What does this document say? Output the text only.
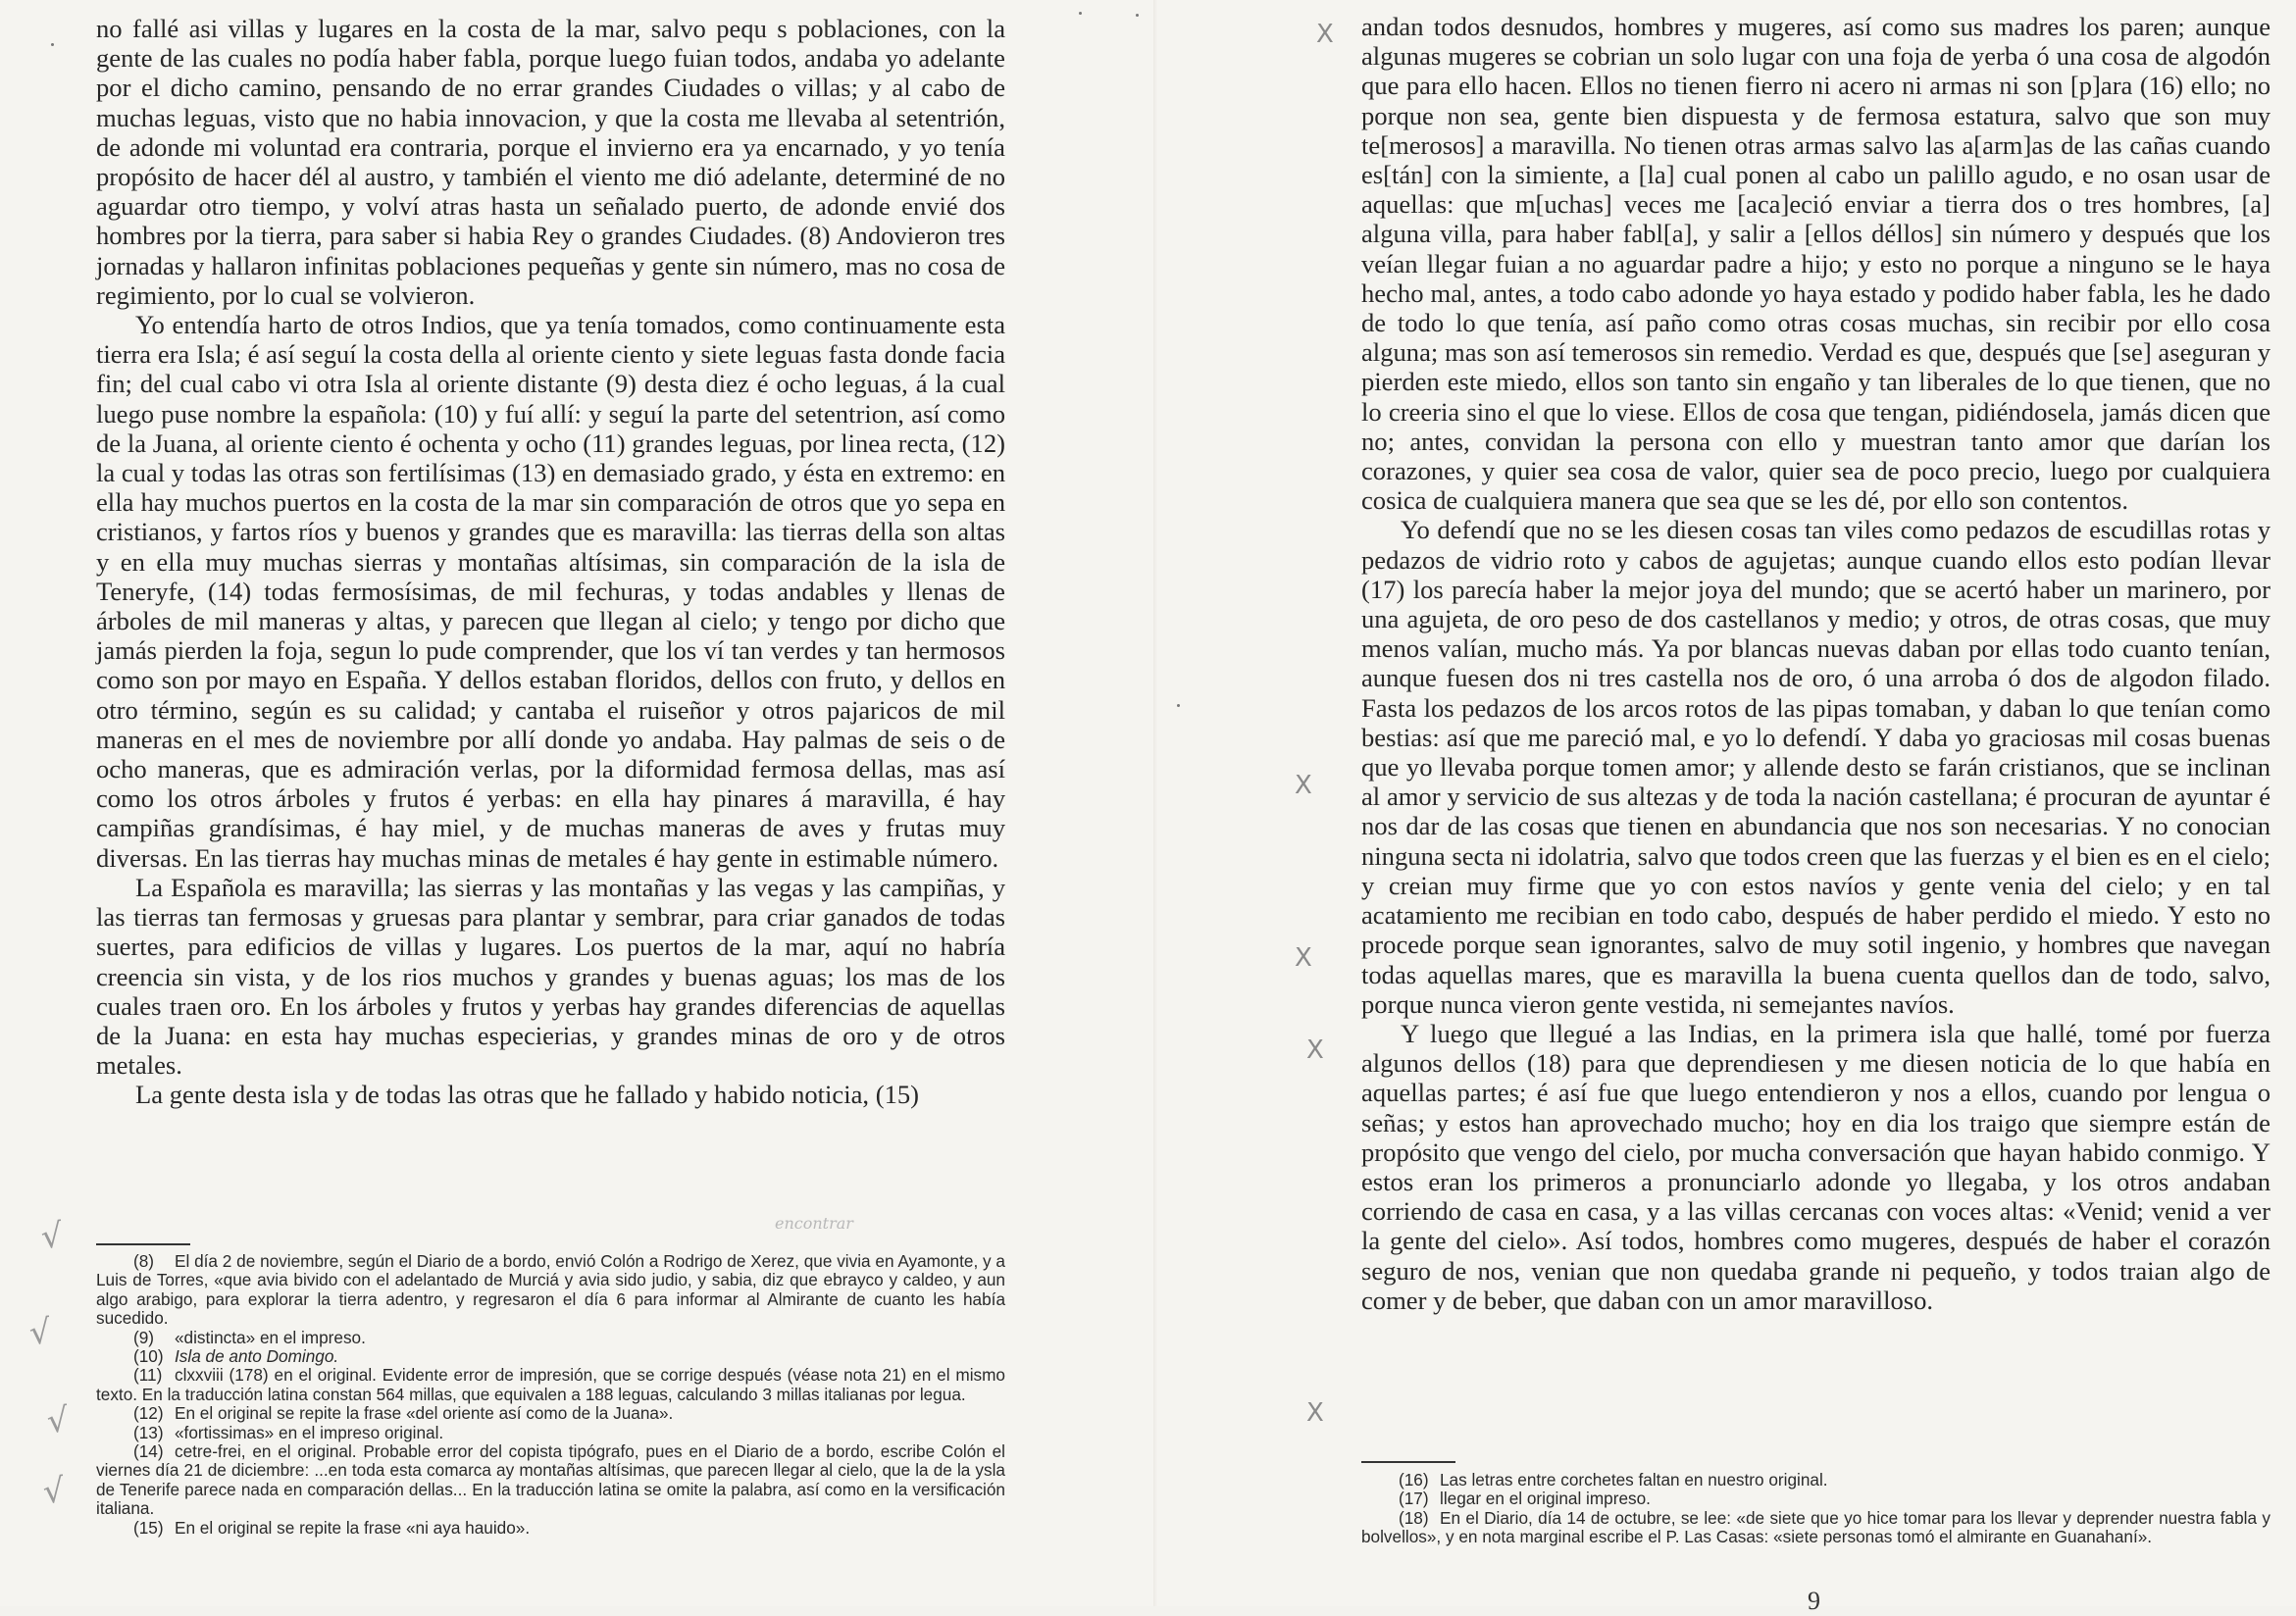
no fallé asi villas y lugares en la costa de la mar, salvo pequ s poblaciones, con la gente de las cuales no podía haber fabla, porque luego fuian todos, andaba yo adelante por el dicho camino, pensando de no errar grandes Ciudades o villas; y al cabo de muchas leguas, visto que no habia innovacion, y que la costa me llevaba al setentrión, de adonde mi voluntad era contraria, porque el invierno era ya encarnado, y yo tenía propósito de hacer dél al austro, y también el viento me dió adelante, determiné de no aguardar otro tiempo, y volví atras hasta un señalado puerto, de adonde envié dos hombres por la tierra, para saber si habia Rey o grandes Ciudades. (8) Andovieron tres jornadas y hallaron infinitas poblaciones pequeñas y gente sin número, mas no cosa de regimiento, por lo cual se volvieron.

Yo entendía harto de otros Indios, que ya tenía tomados, como continuamente esta tierra era Isla; é así seguí la costa della al oriente ciento y siete leguas fasta donde facia fin; del cual cabo vi otra Isla al oriente distante (9) desta diez é ocho leguas, á la cual luego puse nombre la española: (10) y fuí allí: y seguí la parte del setentrion, así como de la Juana, al oriente ciento é ochenta y ocho (11) grandes leguas, por linea recta, (12) la cual y todas las otras son fertilísimas (13) en demasiado grado, y ésta en extremo: en ella hay muchos puertos en la costa de la mar sin comparación de otros que yo sepa en cristianos, y fartos ríos y buenos y grandes que es maravilla: las tierras della son altas y en ella muy muchas sierras y montañas altísimas, sin comparación de la isla de Teneryfe, (14) todas fermosísimas, de mil fechuras, y todas andables y llenas de árboles de mil maneras y altas, y parecen que llegan al cielo; y tengo por dicho que jamás pierden la foja, segun lo pude comprender, que los ví tan verdes y tan hermosos como son por mayo en España. Y dellos estaban floridos, dellos con fruto, y dellos en otro término, según es su calidad; y cantaba el ruiseñor y otros pajaricos de mil maneras en el mes de noviembre por allí donde yo andaba. Hay palmas de seis o de ocho maneras, que es admiración verlas, por la diformidad fermosa dellas, mas así como los otros árboles y frutos é yerbas: en ella hay pinares á maravilla, é hay campiñas grandísimas, é hay miel, y de muchas maneras de aves y frutas muy diversas. En las tierras hay muchas minas de metales é hay gente in estimable número.

La Española es maravilla; las sierras y las montañas y las vegas y las campiñas, y las tierras tan fermosas y gruesas para plantar y sembrar, para criar ganados de todas suertes, para edificios de villas y lugares. Los puertos de la mar, aquí no habría creencia sin vista, y de los rios muchos y grandes y buenas aguas; los mas de los cuales traen oro. En los árboles y frutos y yerbas hay grandes diferencias de aquellas de la Juana: en esta hay muchas especierias, y grandes minas de oro y de otros metales.

La gente desta isla y de todas las otras que he fallado y habido noticia, (15)

encontrar

(8) El día 2 de noviembre, según el Diario de a bordo, envió Colón a Rodrigo de Xerez, que vivia en Ayamonte, y a Luis de Torres, «que avia bivido con el adelantado de Murciá y avia sido judio, y sabia, diz que ebrayco y caldeo, y aun algo arabigo, para explorar la tierra adentro, y regresaron el día 6 para informar al Almirante de cuanto les había sucedido.

(9) «distincta» en el impreso.

(10) Isla de anto Domingo.

(11) clxxviii (178) en el original. Evidente error de impresión, que se corrige después (véase nota 21) en el mismo texto. En la traducción latina constan 564 millas, que equivalen a 188 leguas, calculando 3 millas italianas por legua.

(12) En el original se repite la frase «del oriente así como de la Juana».

(13) «fortissimas» en el impreso original.

(14) cetre-frei, en el original. Probable error del copista tipógrafo, pues en el Diario de a bordo, escribe Colón el viernes día 21 de diciembre: ...en toda esta comarca ay montañas altísimas, que parecen llegar al cielo, que la de la ysla de Tenerife parece nada en comparación dellas... En la traducción latina se omite la palabra, así como en la versificación italiana.

(15) En el original se repite la frase «ni aya hauido».

√
√
√
√

andan todos desnudos, hombres y mugeres, así como sus madres los paren; aunque algunas mugeres se cobrian un solo lugar con una foja de yerba ó una cosa de algodón que para ello hacen. Ellos no tienen fierro ni acero ni armas ni son [p]ara (16) ello; no porque non sea, gente bien dispuesta y de fermosa estatura, salvo que son muy te[merosos] a maravilla. No tienen otras armas salvo las a[arm]as de las cañas cuando es[tán] con la simiente, a [la] cual ponen al cabo un palillo agudo, e no osan usar de aquellas: que m[uchas] veces me [aca]eció enviar a tierra dos o tres hombres, [a] alguna villa, para haber fabl[a], y salir a [ellos déllos] sin número y después que los veían llegar fuian a no aguardar padre a hijo; y esto no porque a ninguno se le haya hecho mal, antes, a todo cabo adonde yo haya estado y podido haber fabla, les he dado de todo lo que tenía, así paño como otras cosas muchas, sin recibir por ello cosa alguna; mas son así temerosos sin remedio. Verdad es que, después que [se] aseguran y pierden este miedo, ellos son tanto sin engaño y tan liberales de lo que tienen, que no lo creeria sino el que lo viese. Ellos de cosa que tengan, pidiéndosela, jamás dicen que no; antes, convidan la persona con ello y muestran tanto amor que darían los corazones, y quier sea cosa de valor, quier sea de poco precio, luego por cualquiera cosica de cualquiera manera que sea que se les dé, por ello son contentos.

Yo defendí que no se les diesen cosas tan viles como pedazos de escudillas rotas y pedazos de vidrio roto y cabos de agujetas; aunque cuando ellos esto podían llevar (17) los parecía haber la mejor joya del mundo; que se acertó haber un marinero, por una agujeta, de oro peso de dos castellanos y medio; y otros, de otras cosas, que muy menos valían, mucho más. Ya por blancas nuevas daban por ellas todo cuanto tenían, aunque fuesen dos ni tres castella nos de oro, ó una arroba ó dos de algodon filado. Fasta los pedazos de los arcos rotos de las pipas tomaban, y daban lo que tenían como bestias: así que me pareció mal, e yo lo defendí. Y daba yo graciosas mil cosas buenas que yo llevaba porque tomen amor; y allende desto se farán cristianos, que se inclinan al amor y servicio de sus altezas y de toda la nación castellana; é procuran de ayuntar é nos dar de las cosas que tienen en abundancia que nos son necesarias. Y no conocian ninguna secta ni idolatria, salvo que todos creen que las fuerzas y el bien es en el cielo; y creian muy firme que yo con estos navíos y gente venia del cielo; y en tal acatamiento me recibian en todo cabo, después de haber perdido el miedo. Y esto no procede porque sean ignorantes, salvo de muy sotil ingenio, y hombres que navegan todas aquellas mares, que es maravilla la buena cuenta quellos dan de todo, salvo, porque nunca vieron gente vestida, ni semejantes navíos.

Y luego que llegué a las Indias, en la primera isla que hallé, tomé por fuerza algunos dellos (18) para que deprendiesen y me diesen noticia de lo que había en aquellas partes; é así fue que luego entendieron y nos a ellos, cuando por lengua o señas; y estos han aprovechado mucho; hoy en dia los traigo que siempre están de propósito que vengo del cielo, por mucha conversación que hayan habido conmigo. Y estos eran los primeros a pronunciarlo adonde yo llegaba, y los otros andaban corriendo de casa en casa, y a las villas cercanas con voces altas: «Venid; venid a ver la gente del cielo». Así todos, hombres como mugeres, después de haber el corazón seguro de nos, venian que non quedaba grande ni pequeño, y todos traian algo de comer y de beber, que daban con un amor maravilloso.

X
X
X
X
X

(16) Las letras entre corchetes faltan en nuestro original.

(17) llegar en el original impreso.

(18) En el Diario, día 14 de octubre, se lee: «de siete que yo hice tomar para los llevar y deprender nuestra fabla y bolvellos», y en nota marginal escribe el P. Las Casas: «siete personas tomó el almirante en Guanahaní».

9
